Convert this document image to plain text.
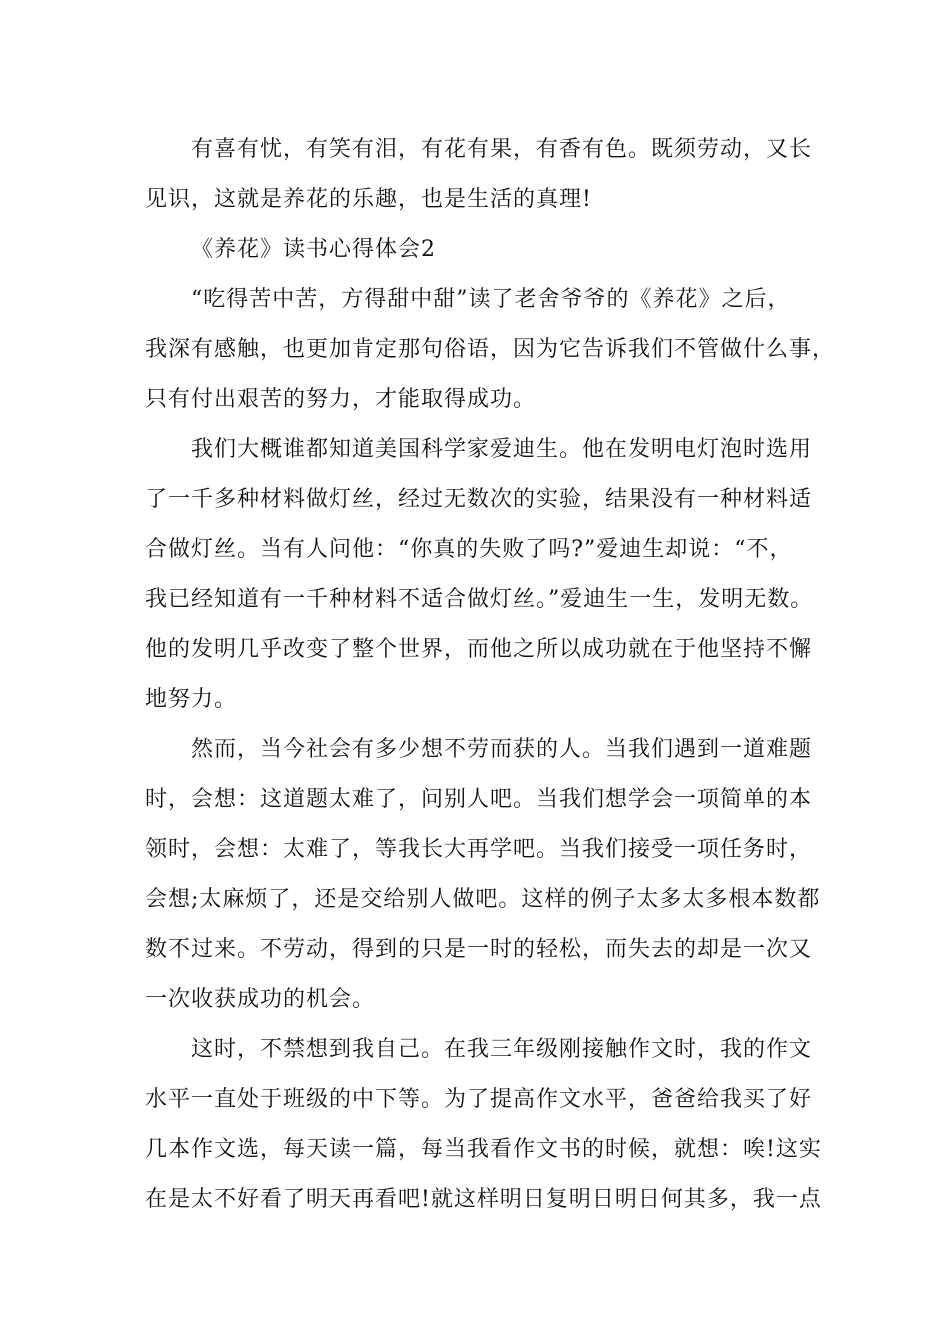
有喜有忧，有笑有泪，有花有果，有香有色。既须劳动，又长
见识，这就是养花的乐趣，也是生活的真理!
《养花》读书心得体会2
“吃得苦中苦，方得甜中甜”读了老舍爷爷的《养花》之后，
我深有感触，也更加肯定那句俗语，因为它告诉我们不管做什么事，
只有付出艰苦的努力，才能取得成功。
我们大概谁都知道美国科学家爱迪生。他在发明电灯泡时选用
了一千多种材料做灯丝，经过无数次的实验，结果没有一种材料适
合做灯丝。当有人问他：“你真的失败了吗?”爱迪生却说：“不，
我已经知道有一千种材料不适合做灯丝。”爱迪生一生，发明无数。
他的发明几乎改变了整个世界，而他之所以成功就在于他坚持不懈
地努力。
然而，当今社会有多少想不劳而获的人。当我们遇到一道难题
时，会想：这道题太难了，问别人吧。当我们想学会一项简单的本
领时，会想：太难了，等我长大再学吧。当我们接受一项任务时，
会想;太麻烦了，还是交给别人做吧。这样的例子太多太多根本数都
数不过来。不劳动，得到的只是一时的轻松，而失去的却是一次又
一次收获成功的机会。
这时，不禁想到我自己。在我三年级刚接触作文时，我的作文
水平一直处于班级的中下等。为了提高作文水平，爸爸给我买了好
几本作文选，每天读一篇，每当我看作文书的时候，就想：唉!这实
在是太不好看了明天再看吧!就这样明日复明日明日何其多，我一点
